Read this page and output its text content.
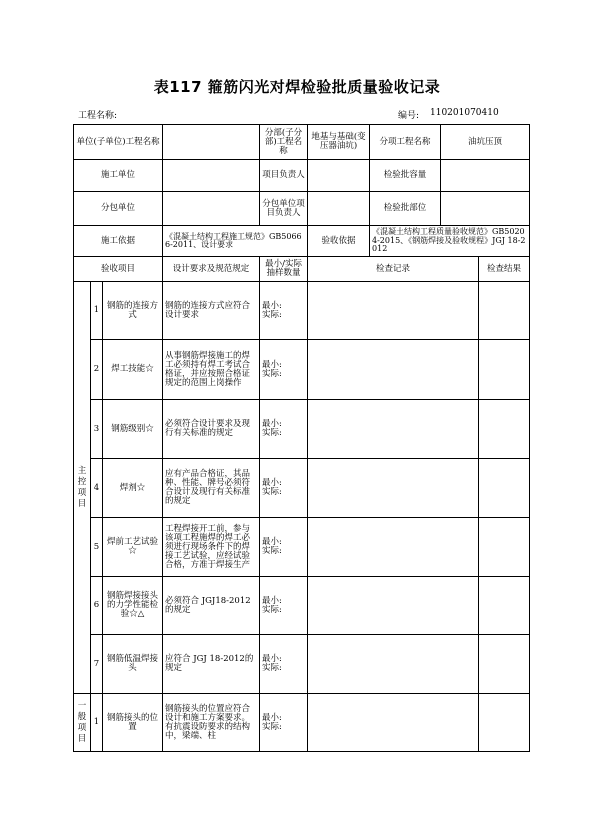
表117 箍筋闪光对焊检验批质量验收记录
工程名称:	编号: 110201070410
单位(子单位)工程名称				分部(子分部)工程名称	地基与基础(变压器油坑)	分项工程名称	油坑压顶	
施工单位				项目负责人		检验批容量		
分包单位				分包单位项目负责人		检验批部位		
施工依据			《混凝土结构工程施工规范》GB50666-2011、设计要求		验收依据	《混凝土结构工程质量验收规范》GB50204-2015、《钢筋焊接及验收规程》JGJ 18-2012		
验收项目			设计要求及规范规定	最小/实际抽样数量	检查记录			检查结果
主控项目	1	钢筋的连接方式	钢筋的连接方式应符合设计要求	最小:
实际:				

	2	焊工技能☆	从事钢筋焊接施工的焊工必须持有焊工考试合格证，并应按照合格证规定的范围上岗操作	最小:
实际:				

	3	钢筋级别☆	必须符合设计要求及现行有关标准的规定	最小:
实际:				

	4	焊剂☆	应有产品合格证，其品种、性能、牌号必须符合设计及现行有关标准的规定	最小:
实际:				

	5	焊前工艺试验☆	工程焊接开工前，参与该项工程施焊的焊工必须进行现场条件下的焊接工艺试验，应经试验合格，方准于焊接生产	最小:
实际:				

	6	钢筋焊接接头的力学性能检验☆△	必须符合 JGJ18-2012 的规定	最小:
实际:				

	7	钢筋低温焊接头	应符合 JGJ 18-2012的规定	最小:
实际:				

一般项目	1	钢筋接头的位置	钢筋接头的位置应符合设计和施工方案要求。有抗震设防要求的结构中，梁端、柱	最小:
实际:				
